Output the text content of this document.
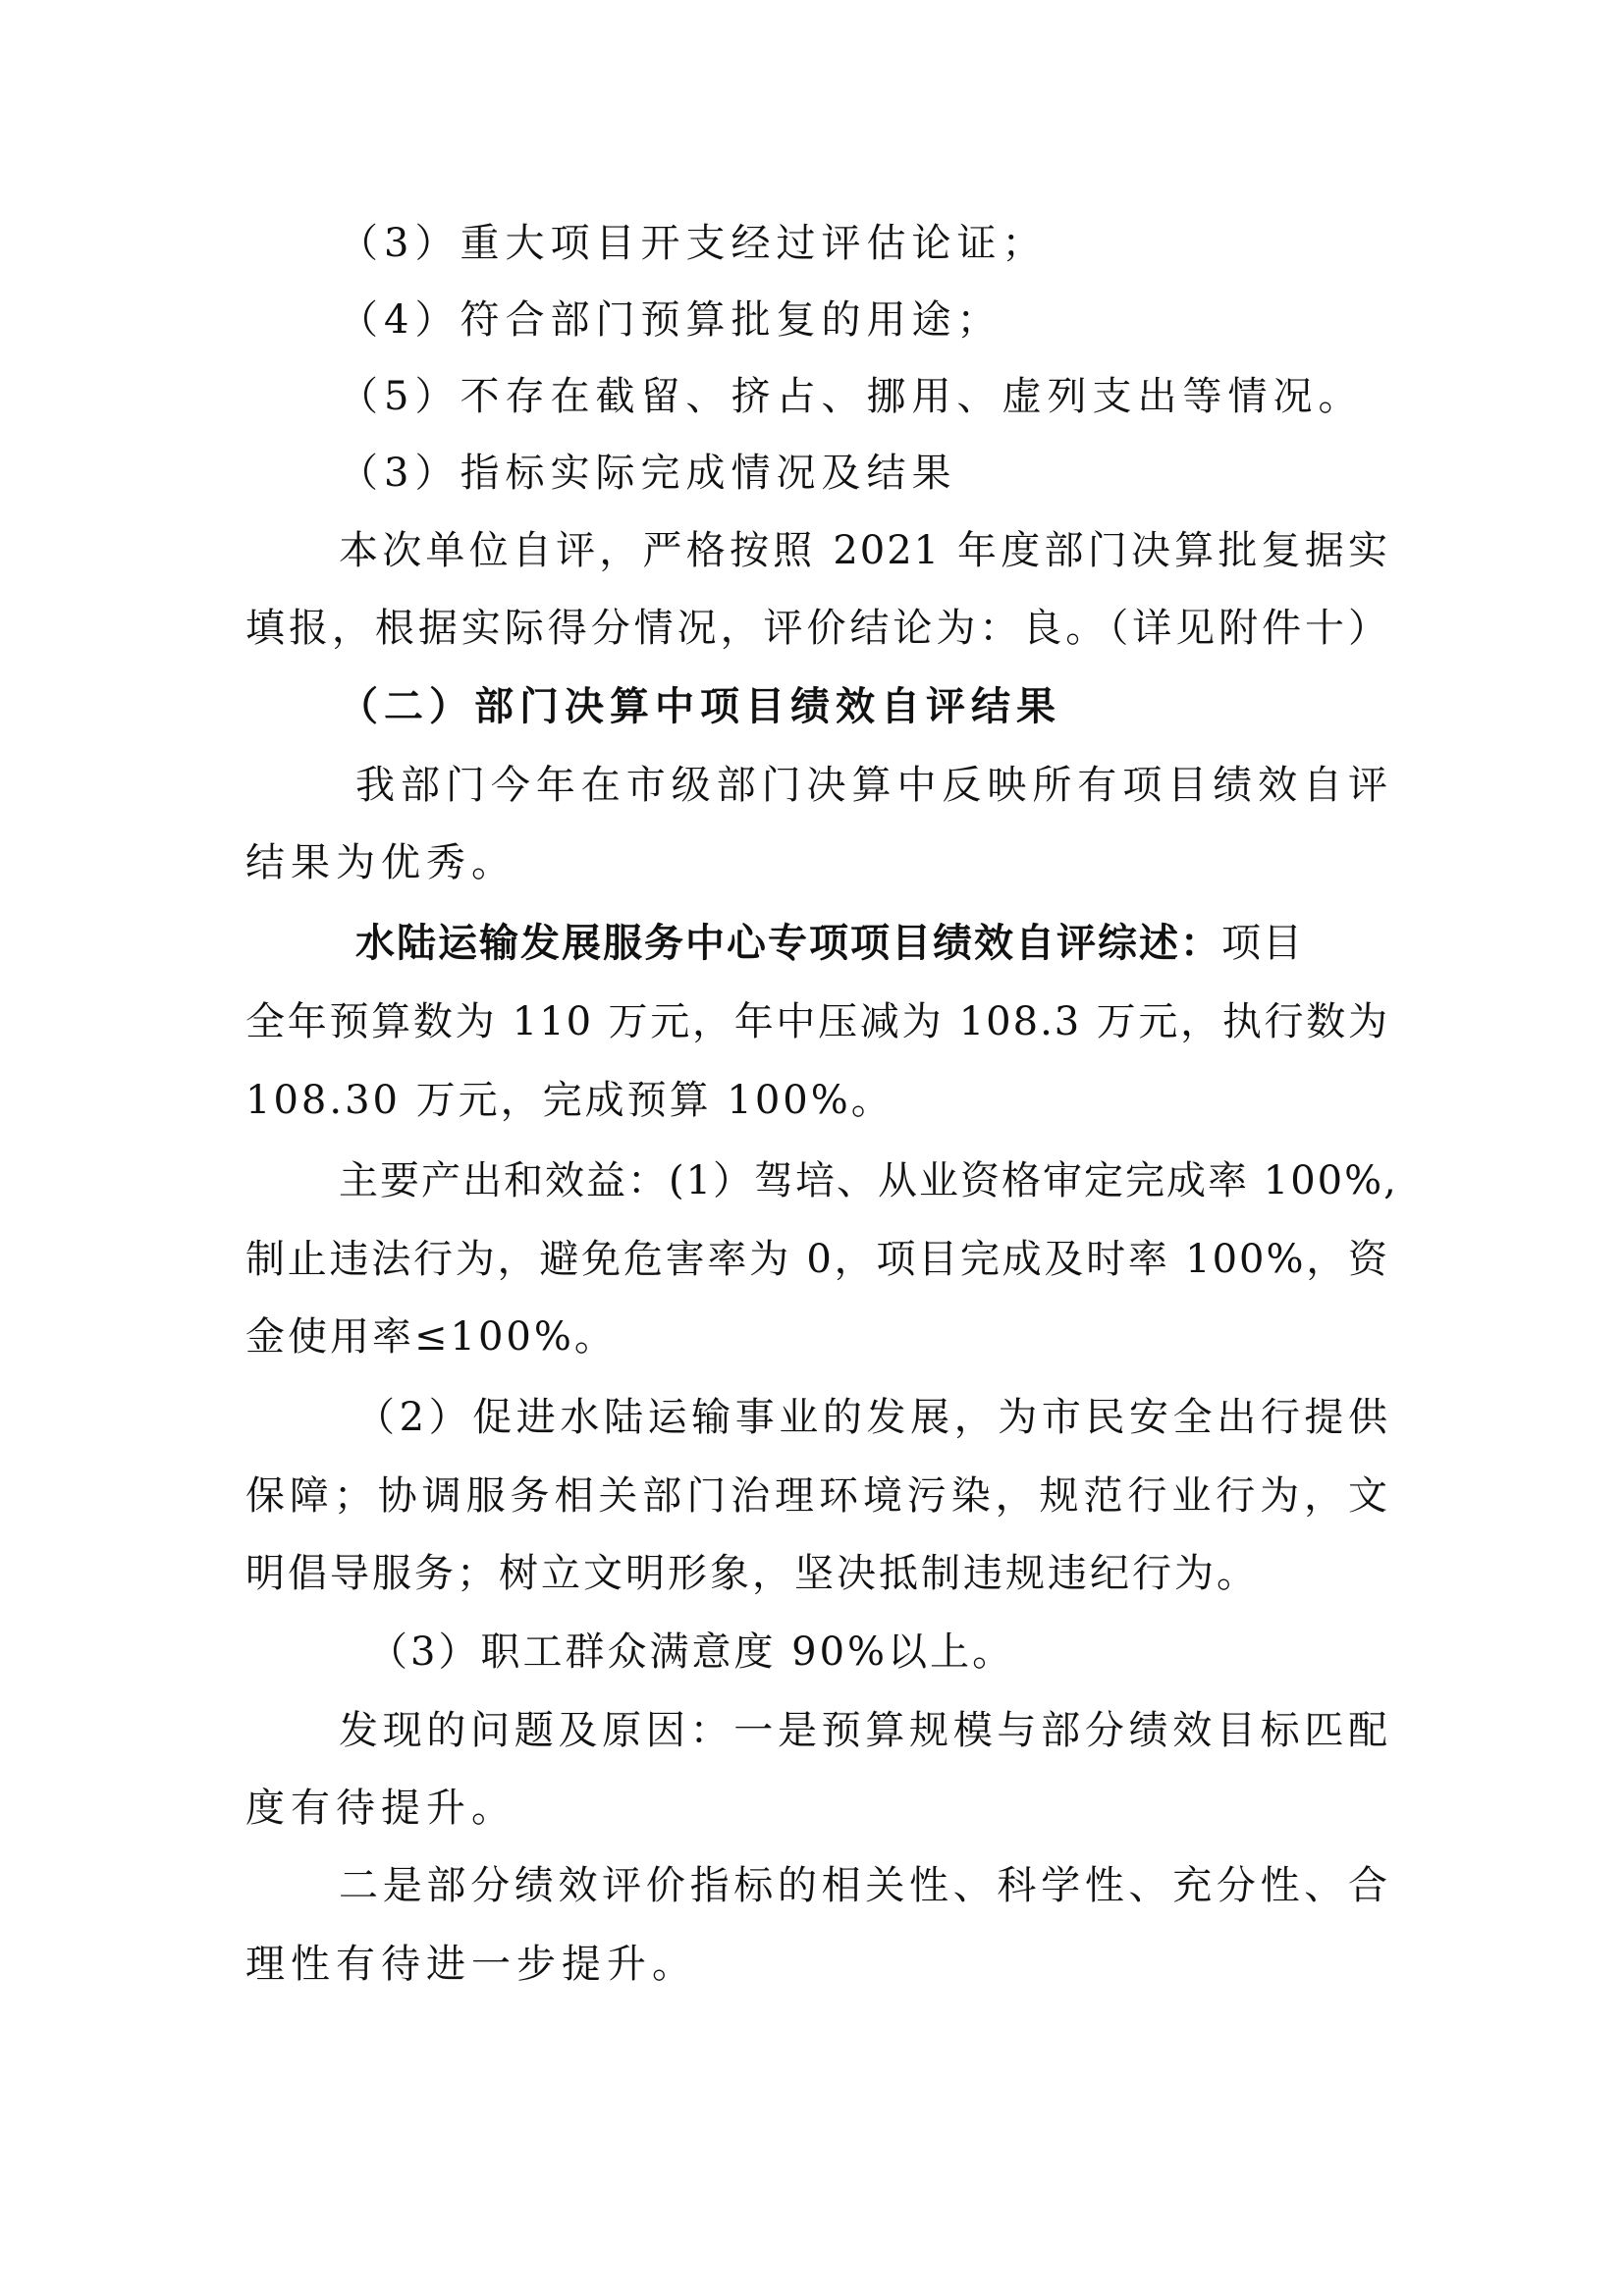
（3）重大项目开支经过评估论证；
（4）符合部门预算批复的用途；
（5）不存在截留、挤占、挪用、虚列支出等情况。
（3）指标实际完成情况及结果
本次单位自评，严格按照 2021 年度部门决算批复据实
填报，根据实际得分情况，评价结论为：良。（详见附件十）
（二）部门决算中项目绩效自评结果
我部门今年在市级部门决算中反映所有项目绩效自评
结果为优秀。
水陆运输发展服务中心专项项目绩效自评综述：项目
全年预算数为 110 万元，年中压减为 108.3 万元，执行数为
108.30 万元，完成预算 100%。
主要产出和效益：(1）驾培、从业资格审定完成率 100%,
制止违法行为，避免危害率为 0，项目完成及时率 100%，资
金使用率≤100%。
（2）促进水陆运输事业的发展，为市民安全出行提供
保障；协调服务相关部门治理环境污染，规范行业行为，文
明倡导服务；树立文明形象，坚决抵制违规违纪行为。
（3）职工群众满意度 90%以上。
发现的问题及原因：一是预算规模与部分绩效目标匹配
度有待提升。
二是部分绩效评价指标的相关性、科学性、充分性、合
理性有待进一步提升。
